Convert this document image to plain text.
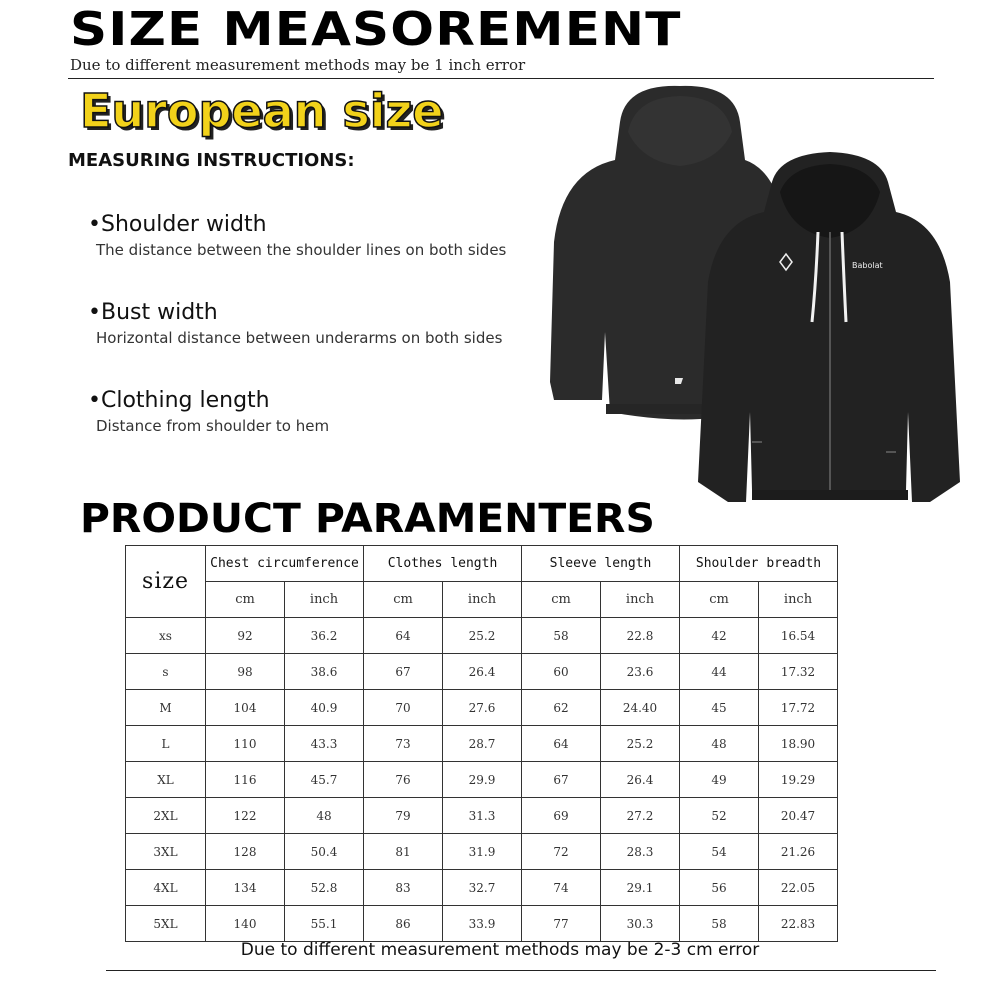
SIZE MEASOREMENT
Due to different measurement methods may be 1 inch error
European size
MEASURING INSTRUCTIONS:
•Shoulder width
The distance between the shoulder lines on both sides
•Bust width
Horizontal distance between underarms on both sides
•Clothing length
Distance from shoulder to hem
Babolat
PRODUCT PARAMENTERS
size	Chest circumference		Clothes length		Sleeve length		Shoulder breadth	
	cm	inch	cm	inch	cm	inch	cm	inch
xs	92	36.2	64	25.2	58	22.8	42	16.54
s	98	38.6	67	26.4	60	23.6	44	17.32
M	104	40.9	70	27.6	62	24.40	45	17.72
L	110	43.3	73	28.7	64	25.2	48	18.90
XL	116	45.7	76	29.9	67	26.4	49	19.29
2XL	122	48	79	31.3	69	27.2	52	20.47
3XL	128	50.4	81	31.9	72	28.3	54	21.26
4XL	134	52.8	83	32.7	74	29.1	56	22.05
5XL	140	55.1	86	33.9	77	30.3	58	22.83
Due to different measurement methods may be 2-3 cm error
